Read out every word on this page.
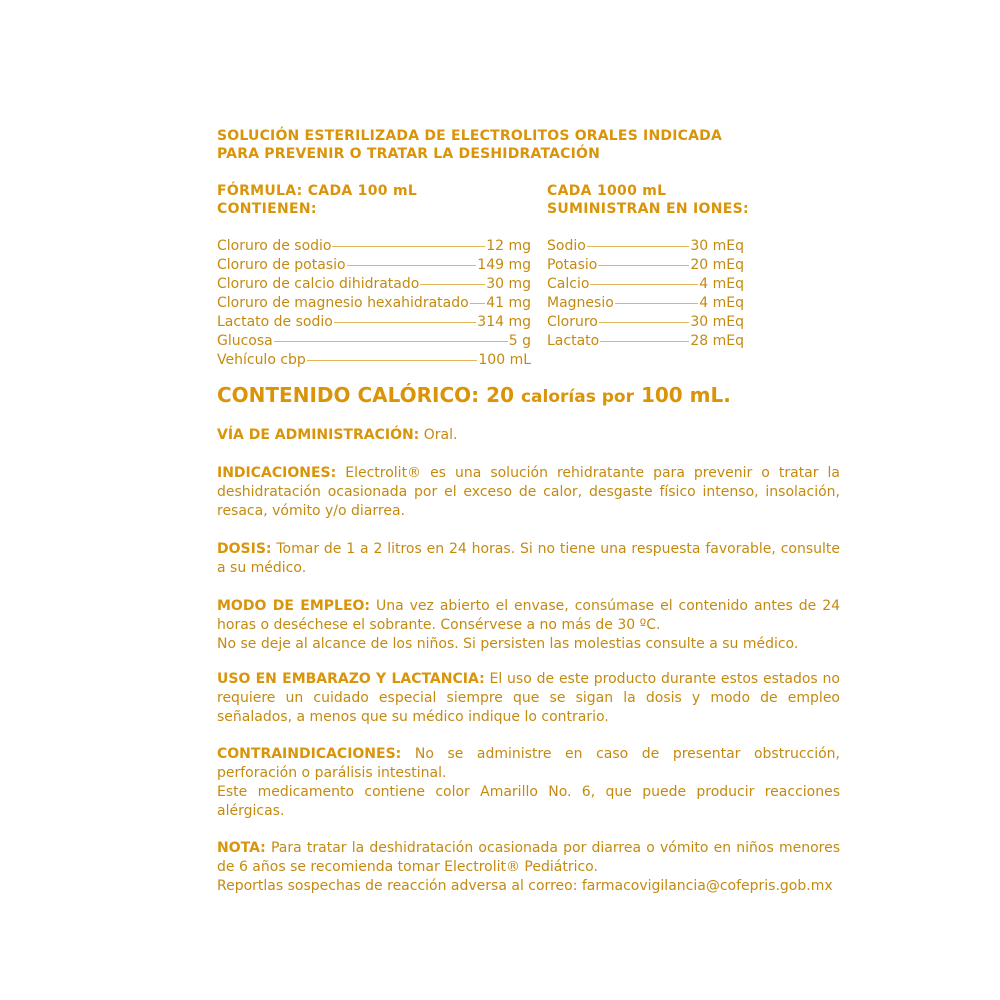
SOLUCIÓN ESTERILIZADA DE ELECTROLITOS ORALES INDICADA
PARA PREVENIR O TRATAR LA DESHIDRATACIÓN
FÓRMULA: CADA 100 mL
CONTIENEN:
CADA 1000 mL
SUMINISTRAN EN IONES:
Cloruro de sodio	12 mg
Cloruro de potasio	149 mg
Cloruro de calcio dihidratado	30 mg
Cloruro de magnesio hexahidratado 41 mg
Lactato de sodio	314 mg
Glucosa	5 g
Vehículo cbp	100 mL
Sodio	30 mEq
Potasio	20 mEq
Calcio	4 mEq
Magnesio	4 mEq
Cloruro	30 mEq
Lactato	28 mEq
CONTENIDO CALÓRICO: 20 calorías por 100 mL.

VÍA DE ADMINISTRACIÓN: Oral.

INDICACIONES: Electrolit® es una solución rehidratante para prevenir o tratar la deshidratación ocasionada por el exceso de calor, desgaste físico intenso, insolación, resaca, vómito y/o diarrea.

DOSIS: Tomar de 1 a 2 litros en 24 horas. Si no tiene una respuesta favorable, consulte a su médico.

MODO DE EMPLEO: Una vez abierto el envase, consúmase el contenido antes de 24 horas o deséchese el sobrante. Consérvese a no más de 30 ºC.

No se deje al alcance de los niños. Si persisten las molestias consulte a su médico.

USO EN EMBARAZO Y LACTANCIA: El uso de este producto durante estos estados no requiere un cuidado especial siempre que se sigan la dosis y modo de empleo señalados, a menos que su médico indique lo contrario.

CONTRAINDICACIONES: No se administre en caso de presentar obstrucción, perforación o parálisis intestinal.

Este medicamento contiene color Amarillo No. 6, que puede producir reacciones alérgicas.

NOTA: Para tratar la deshidratación ocasionada por diarrea o vómito en niños menores de 6 años se recomienda tomar Electrolit® Pediátrico.

Reportlas sospechas de reacción adversa al correo: farmacovigilancia@cofepris.gob.mx
